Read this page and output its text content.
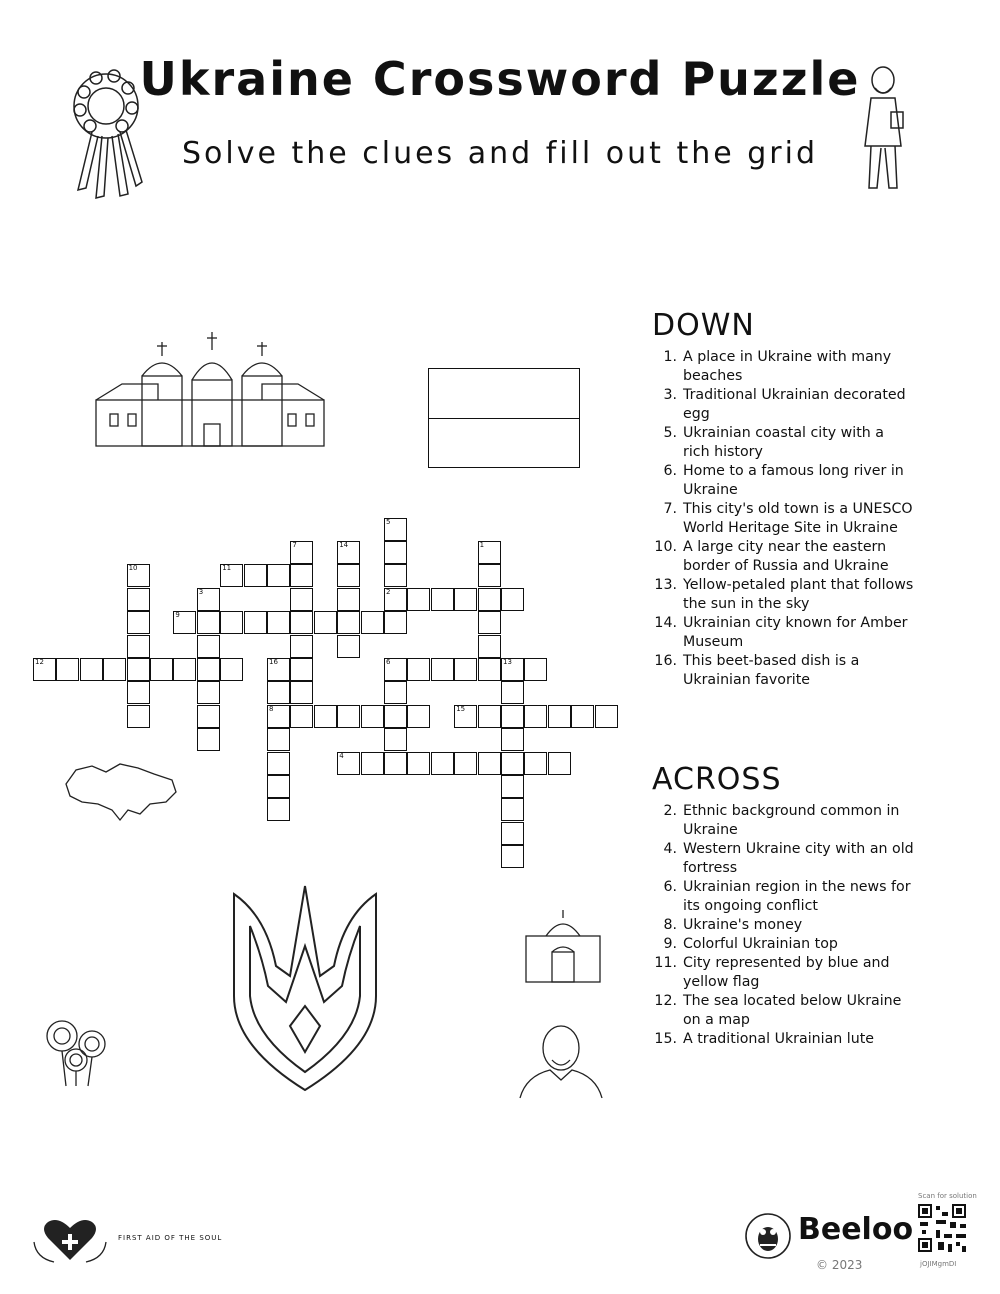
Ukraine Crossword Puzzle
Solve the clues and fill out the grid
12
9
2
11
6	13
8	15
4
10
3
7	14
5
1
16
DOWN
1. A place in Ukraine with many beaches
3. Traditional Ukrainian decorated egg
5. Ukrainian coastal city with a rich history
6. Home to a famous long river in Ukraine
7. This city's old town is a UNESCO World Heritage Site in Ukraine
10. A large city near the eastern border of Russia and Ukraine
13. Yellow-petaled plant that follows the sun in the sky
14. Ukrainian city known for Amber Museum
16. This beet-based dish is a Ukrainian favorite
ACROSS
2. Ethnic background common in Ukraine
4. Western Ukraine city with an old fortress
6. Ukrainian region in the news for its ongoing conflict
8. Ukraine's money
9. Colorful Ukrainian top
11. City represented by blue and yellow flag
12. The sea located below Ukraine on a map
15. A traditional Ukrainian lute
FIRST AID OF THE SOUL	Beeloo
© 2023
Scan for solution
jOJIMgmDI
